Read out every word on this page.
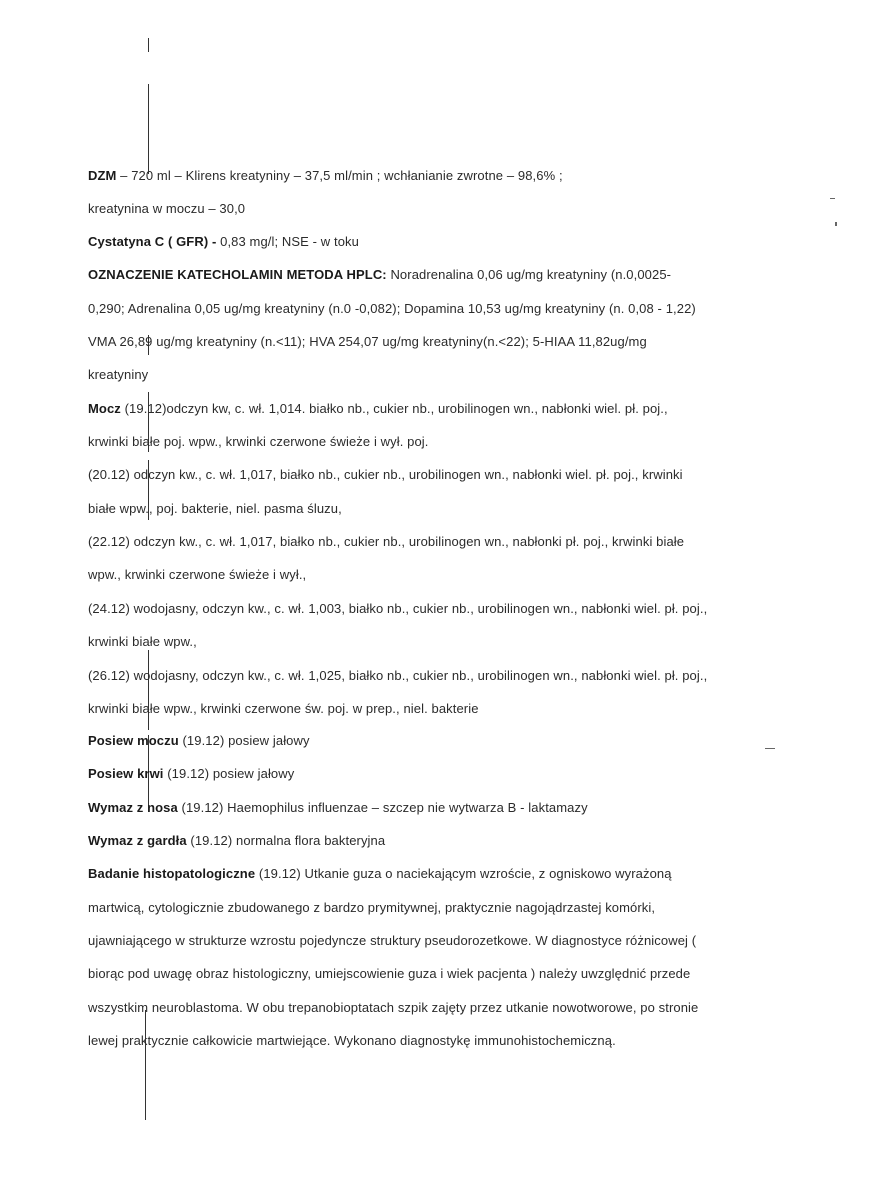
DZM – 720 ml – Klirens kreatyniny – 37,5 ml/min ; wchłanianie zwrotne – 98,6% ;
kreatynina w moczu – 30,0
Cystatyna C ( GFR) - 0,83 mg/l; NSE - w toku
OZNACZENIE KATECHOLAMIN METODA HPLC: Noradrenalina 0,06 ug/mg kreatyniny (n.0,0025-
0,290; Adrenalina 0,05 ug/mg kreatyniny (n.0 -0,082); Dopamina 10,53 ug/mg kreatyniny (n. 0,08 - 1,22)
VMA 26,89 ug/mg kreatyniny (n.<11); HVA 254,07 ug/mg kreatyniny(n.<22); 5-HIAA 11,82ug/mg
kreatyniny
Mocz (19.12)odczyn kw, c. wł. 1,014. białko nb., cukier nb., urobilinogen wn., nabłonki wiel. pł. poj.,
krwinki białe poj. wpw., krwinki czerwone świeże i wył. poj.
(20.12) odczyn kw., c. wł. 1,017, białko nb., cukier nb., urobilinogen wn., nabłonki wiel. pł. poj., krwinki
białe wpw., poj. bakterie, niel. pasma śluzu,
(22.12) odczyn kw., c. wł. 1,017, białko nb., cukier nb., urobilinogen wn., nabłonki pł. poj., krwinki białe
wpw., krwinki czerwone świeże i wył.,
(24.12) wodojasny, odczyn kw., c. wł. 1,003, białko nb., cukier nb., urobilinogen wn., nabłonki wiel. pł. poj.,
krwinki białe wpw.,
(26.12) wodojasny, odczyn kw., c. wł. 1,025, białko nb., cukier nb., urobilinogen wn., nabłonki wiel. pł. poj.,
krwinki białe wpw., krwinki czerwone św. poj. w prep., niel. bakterie
Posiew moczu (19.12) posiew jałowy
Posiew krwi (19.12) posiew jałowy
Wymaz z nosa (19.12) Haemophilus influenzae – szczep nie wytwarza B - laktamazy
Wymaz z gardła (19.12) normalna flora bakteryjna
Badanie histopatologiczne (19.12) Utkanie guza o naciekającym wzroście, z ogniskowo wyrażoną
martwicą, cytologicznie zbudowanego z bardzo prymitywnej, praktycznie nagojądrzastej komórki,
ujawniającego w strukturze wzrostu pojedyncze struktury pseudorozetkowe. W diagnostyce różnicowej (
biorąc pod uwagę obraz histologiczny, umiejscowienie guza i wiek pacjenta ) należy uwzględnić przede
wszystkim neuroblastoma. W obu trepanobioptatach szpik zajęty przez utkanie nowotworowe, po stronie
lewej praktycznie całkowicie martwiejące. Wykonano diagnostykę immunohistochemiczną.
